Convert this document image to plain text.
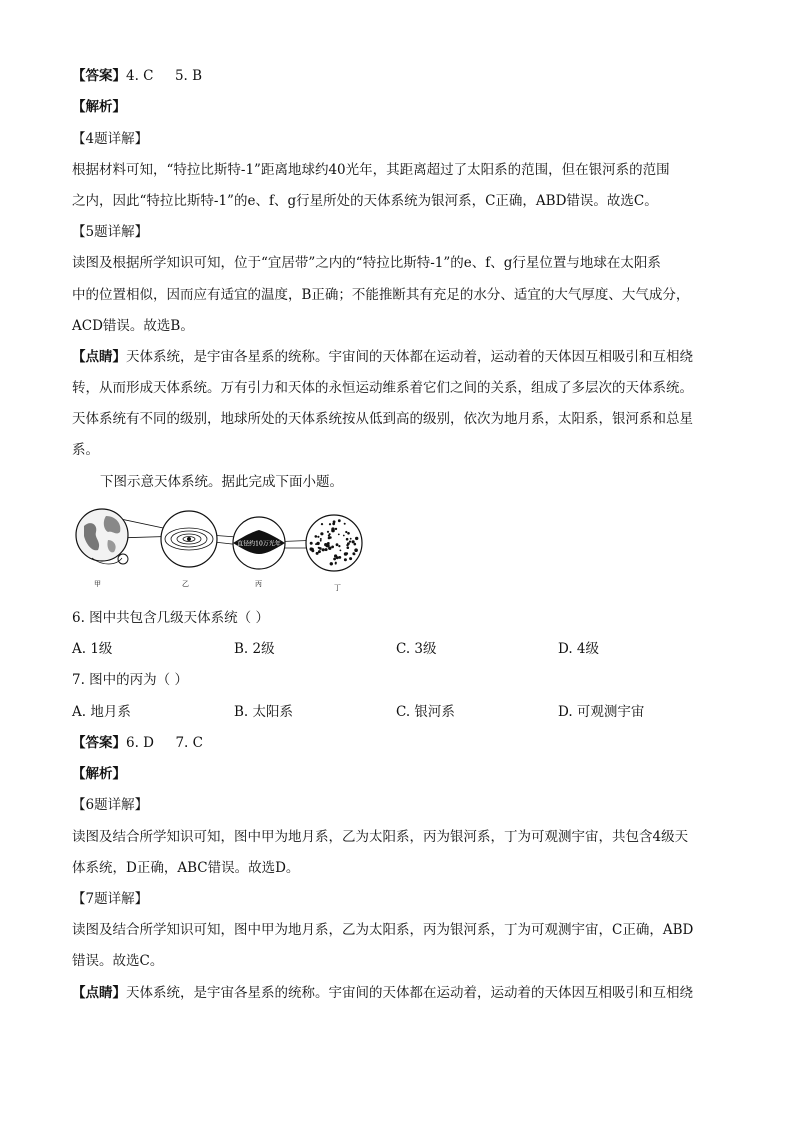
【答案】4. C     5. B
【解析】
【4题详解】
根据材料可知，“特拉比斯特-1”距离地球约40光年，其距离超过了太阳系的范围，但在银河系的范围
之内，因此“特拉比斯特-1”的e、f、g行星所处的天体系统为银河系，C正确，ABD错误。故选C。
【5题详解】
读图及根据所学知识可知，位于“宜居带”之内的“特拉比斯特-1”的e、f、g行星位置与地球在太阳系
中的位置相似，因而应有适宜的温度，B正确；不能推断其有充足的水分、适宜的大气厚度、大气成分，
ACD错误。故选B。
【点睛】天体系统，是宇宙各星系的统称。宇宙间的天体都在运动着，运动着的天体因互相吸引和互相绕
转，从而形成天体系统。万有引力和天体的永恒运动维系着它们之间的关系，组成了多层次的天体系统。
天体系统有不同的级别，地球所处的天体系统按从低到高的级别，依次为地月系，太阳系，银河系和总星
系。
下图示意天体系统。据此完成下面小题。
直径约10万光年
甲	乙	丙	丁
6. 图中共包含几级天体系统（ ）
A. 1级	B. 2级	C. 3级	D. 4级
7. 图中的丙为（ ）
A. 地月系	B. 太阳系	C. 银河系	D. 可观测宇宙
【答案】6. D     7. C
【解析】
【6题详解】
读图及结合所学知识可知，图中甲为地月系，乙为太阳系，丙为银河系，丁为可观测宇宙，共包含4级天
体系统，D正确，ABC错误。故选D。
【7题详解】
读图及结合所学知识可知，图中甲为地月系，乙为太阳系，丙为银河系，丁为可观测宇宙，C正确，ABD
错误。故选C。
【点睛】天体系统，是宇宙各星系的统称。宇宙间的天体都在运动着，运动着的天体因互相吸引和互相绕
